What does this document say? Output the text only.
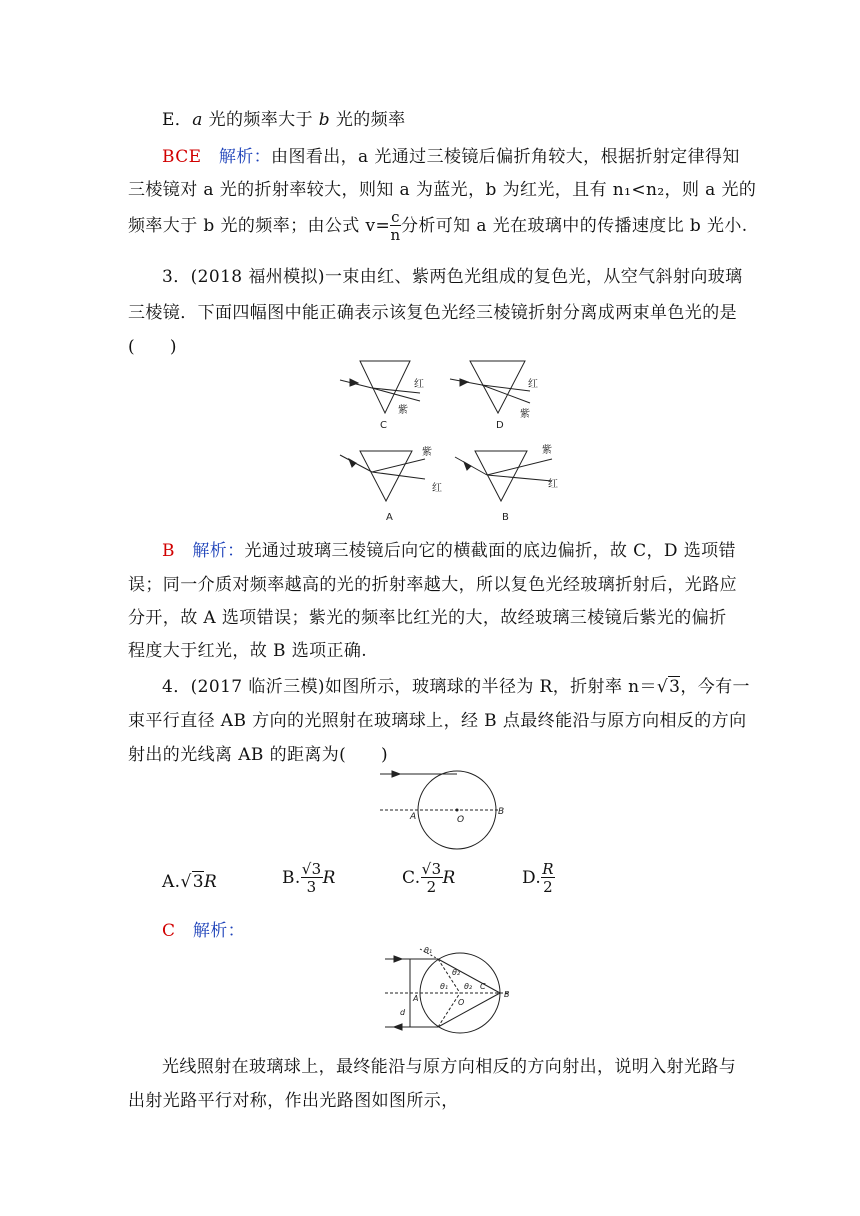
E．a 光的频率大于 b 光的频率
BCE　 解析：由图看出，a 光通过三棱镜后偏折角较大，根据折射定律得知
三棱镜对 a 光的折射率较大，则知 a 为蓝光，b 为红光，且有 n₁<n₂，则 a 光的
频率大于 b 光的频率；由公式 $v= \frac{c}{n}$ 分析可知 a 光在玻璃中的传播速度比 b 光小.
3．(2018 福州模拟)一束由红、紫两色光组成的复色光，从空气斜射向玻璃
三棱镜．下面四幅图中能正确表示该复色光经三棱镜折射分离成两束单色光的是
(　　)
红
紫
红
紫
紫
红
紫
红
C	D
A	B
B　 解析：光通过玻璃三棱镜后向它的横截面的底边偏折，故 C，D 选项错
误；同一介质对频率越高的光的折射率越大，所以复色光经玻璃折射后，光路应
分开，故 A 选项错误；紫光的频率比红光的大，故经玻璃三棱镜后紫光的偏折
程度大于红光，故 B 选项正确.
4．(2017 临沂三模)如图所示，玻璃球的半径为 R，折射率 n＝√3，今有一
束平行直径 AB 方向的光照射在玻璃球上，经 B 点最终能沿与原方向相反的方向
射出的光线离 AB 的距离为(　　)
A	O
B
A.√3R	B. $\frac{√3}{3}$ R	C. $\frac{√3}{2}$ R	D. $\frac{R}{2}$
C　 解析：
θ₁
θ₂
θ₁ θ₂ C
A	O
B
d
光线照射在玻璃球上，最终能沿与原方向相反的方向射出，说明入射光路与
出射光路平行对称，作出光路图如图所示，
